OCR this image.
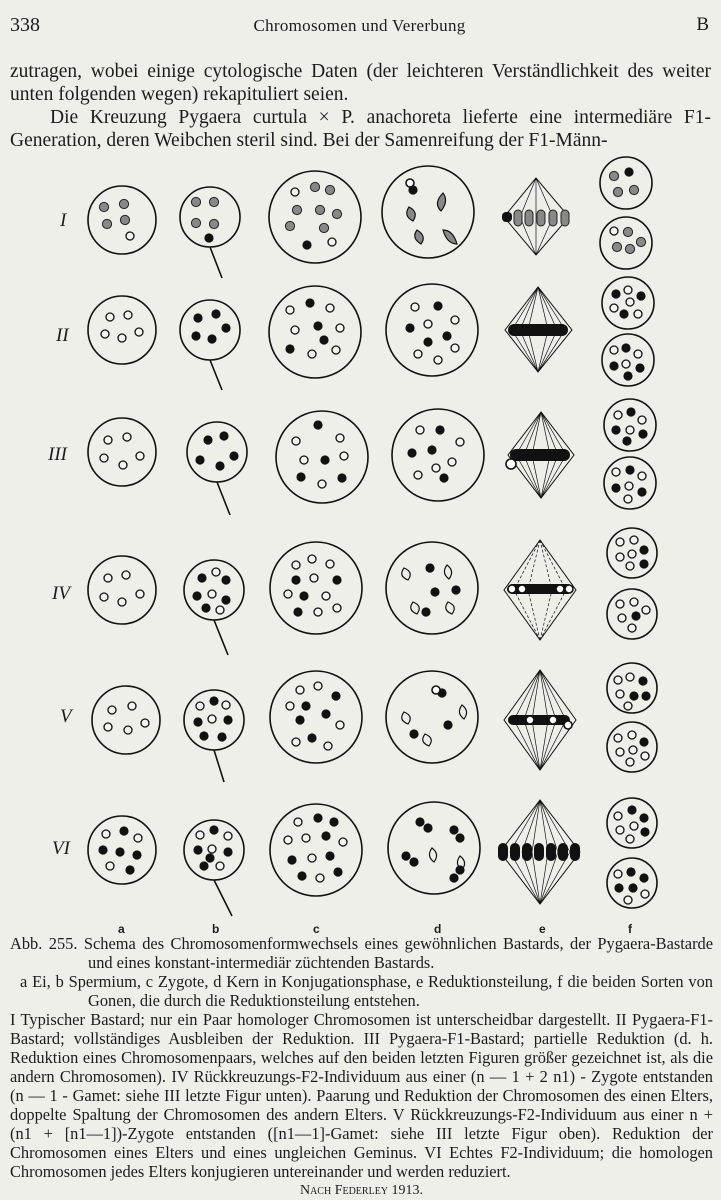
338	Chromosomen und Vererbung	B

zutragen, wobei einige cytologische Daten (der leichteren Verständlichkeit des weiter unten folgenden wegen) rekapituliert seien.

Die Kreuzung Pygaera curtula × P. anachoreta lieferte eine intermediäre F1-Generation, deren Weibchen steril sind. Bei der Samenreifung der F1-Männ-

I
II
III
IV
V
VI
a	b	c	d	e	f

Abb. 255. Schema des Chromosomenformwechsels eines gewöhnlichen Bastards, der Pygaera-Bastarde und eines konstant-intermediär züchtenden Bastards.

a Ei, b Spermium, c Zygote, d Kern in Konjugationsphase, e Reduktionsteilung, f die beiden Sorten von Gonen, die durch die Reduktionsteilung entstehen.

I Typischer Bastard; nur ein Paar homologer Chromosomen ist unterscheidbar dargestellt. II Pygaera-F1-Bastard; vollständiges Ausbleiben der Reduktion. III Pygaera-F1-Bastard; partielle Reduktion (d. h. Reduktion eines Chromosomenpaars, welches auf den beiden letzten Figuren größer gezeichnet ist, als die andern Chromosomen). IV Rückkreuzungs-F2-Individuum aus einer (n — 1 + 2 n1) - Zygote entstanden (n — 1 - Gamet: siehe III letzte Figur unten). Paarung und Reduktion der Chromosomen des einen Elters, doppelte Spaltung der Chromosomen des andern Elters. V Rückkreuzungs-F2-Individuum aus einer n + (n1 + [n1—1])-Zygote entstanden ([n1—1]-Gamet: siehe III letzte Figur oben). Reduktion der Chromosomen eines Elters und eines ungleichen Geminus. VI Echtes F2-Individuum; die homologen Chromosomen jedes Elters konjugieren untereinander und werden reduziert.

Nach Federley 1913.
